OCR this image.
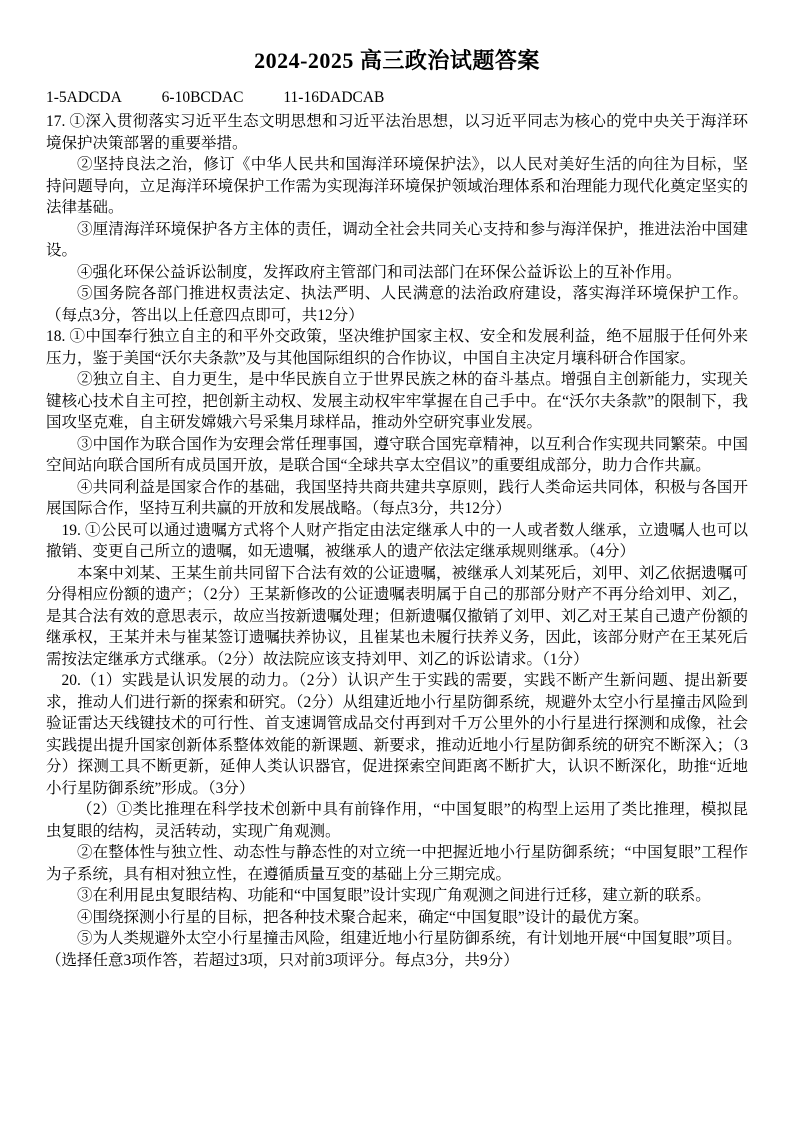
2024-2025 高三政治试题答案

1-5ADCDA	6-10BCDAC	11-16DADCAB

17. ①深入贯彻落实习近平生态文明思想和习近平法治思想，以习近平同志为核心的党中央关于海洋环境保护决策部署的重要举措。

②坚持良法之治，修订《中华人民共和国海洋环境保护法》，以人民对美好生活的向往为目标，坚持问题导向，立足海洋环境保护工作需为实现海洋环境保护领域治理体系和治理能力现代化奠定坚实的法律基础。

③厘清海洋环境保护各方主体的责任，调动全社会共同关心支持和参与海洋保护，推进法治中国建设。

④强化环保公益诉讼制度，发挥政府主管部门和司法部门在环保公益诉讼上的互补作用。

⑤国务院各部门推进权责法定、执法严明、人民满意的法治政府建设，落实海洋环境保护工作。（每点3分，答出以上任意四点即可，共12分）

18. ①中国奉行独立自主的和平外交政策，坚决维护国家主权、安全和发展利益，绝不屈服于任何外来压力，鉴于美国“沃尔夫条款”及与其他国际组织的合作协议，中国自主决定月壤科研合作国家。

②独立自主、自力更生，是中华民族自立于世界民族之林的奋斗基点。增强自主创新能力，实现关键核心技术自主可控，把创新主动权、发展主动权牢牢掌握在自己手中。在“沃尔夫条款”的限制下，我国攻坚克难，自主研发嫦娥六号采集月球样品，推动外空研究事业发展。

③中国作为联合国作为安理会常任理事国，遵守联合国宪章精神，以互利合作实现共同繁荣。中国空间站向联合国所有成员国开放，是联合国“全球共享太空倡议”的重要组成部分，助力合作共赢。

④共同利益是国家合作的基础，我国坚持共商共建共享原则，践行人类命运共同体，积极与各国开展国际合作，坚持互利共赢的开放和发展战略。（每点3分，共12分）

19. ①公民可以通过遗嘱方式将个人财产指定由法定继承人中的一人或者数人继承，立遗嘱人也可以撤销、变更自己所立的遗嘱，如无遗嘱，被继承人的遗产依法定继承规则继承。（4分）

本案中刘某、王某生前共同留下合法有效的公证遗嘱，被继承人刘某死后，刘甲、刘乙依据遗嘱可分得相应份额的遗产；（2分）王某新修改的公证遗嘱表明属于自己的那部分财产不再分给刘甲、刘乙，是其合法有效的意思表示，故应当按新遗嘱处理；但新遗嘱仅撤销了刘甲、刘乙对王某自己遗产份额的继承权，王某并未与崔某签订遗嘱扶养协议，且崔某也未履行扶养义务，因此，该部分财产在王某死后需按法定继承方式继承。（2分）故法院应该支持刘甲、刘乙的诉讼请求。（1分）

20.（1）实践是认识发展的动力。（2分）认识产生于实践的需要，实践不断产生新问题、提出新要求，推动人们进行新的探索和研究。（2分）从组建近地小行星防御系统，规避外太空小行星撞击风险到验证雷达天线键技术的可行性、首支速调管成品交付再到对千万公里外的小行星进行探测和成像，社会实践提出提升国家创新体系整体效能的新课题、新要求，推动近地小行星防御系统的研究不断深入；（3分）探测工具不断更新，延伸人类认识器官，促进探索空间距离不断扩大，认识不断深化，助推“近地小行星防御系统”形成。（3分）

（2）①类比推理在科学技术创新中具有前锋作用，“中国复眼”的构型上运用了类比推理，模拟昆虫复眼的结构，灵活转动，实现广角观测。

②在整体性与独立性、动态性与静态性的对立统一中把握近地小行星防御系统；“中国复眼”工程作为子系统，具有相对独立性，在遵循质量互变的基础上分三期完成。

③在利用昆虫复眼结构、功能和“中国复眼”设计实现广角观测之间进行迁移，建立新的联系。

④围绕探测小行星的目标，把各种技术聚合起来，确定“中国复眼”设计的最优方案。

⑤为人类规避外太空小行星撞击风险，组建近地小行星防御系统，有计划地开展“中国复眼”项目。

（选择任意3项作答，若超过3项，只对前3项评分。每点3分，共9分）
